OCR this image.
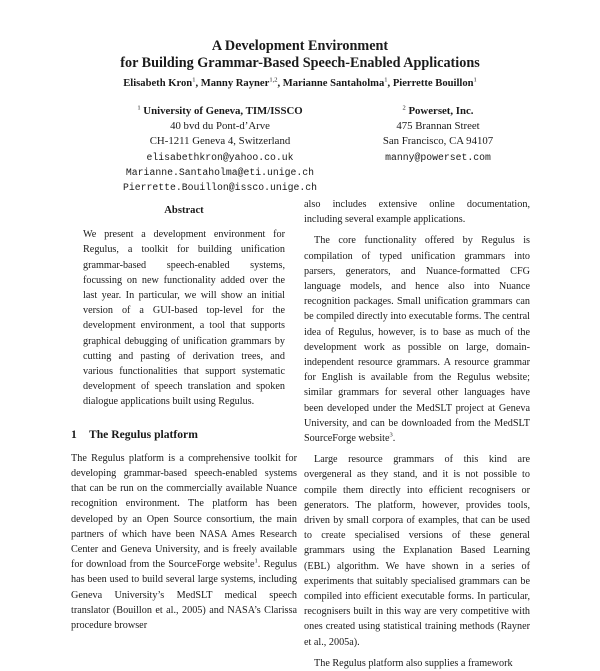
A Development Environment
for Building Grammar-Based Speech-Enabled Applications
Elisabeth Kron$^1$, Manny Rayner$^{1,2}$, Marianne Santaholma$^1$, Pierrette Bouillon$^1$
$^1$ University of Geneva, TIM/ISSCO
40 bvd du Pont-d’Arve
CH-1211 Geneva 4, Switzerland
elisabethkron@yahoo.co.uk
Marianne.Santaholma@eti.unige.ch
Pierrette.Bouillon@issco.unige.ch
$^2$ Powerset, Inc.
475 Brannan Street
San Francisco, CA 94107
manny@powerset.com
Abstract

We present a development environment for Regulus, a toolkit for building unification grammar-based speech-enabled systems, focussing on new functionality added over the last year. In particular, we will show an initial version of a GUI-based top-level for the development environment, a tool that supports graphical debugging of unification grammars by cutting and pasting of derivation trees, and various functionalities that support systematic development of speech translation and spoken dialogue applications built using Regulus.

1 The Regulus platform

The Regulus platform is a comprehensive toolkit for developing grammar-based speech-enabled systems that can be run on the commercially available Nuance recognition environment. The platform has been developed by an Open Source consortium, the main partners of which have been NASA Ames Research Center and Geneva University, and is freely available for download from the SourceForge website$^1$. Regulus has been used to build several large systems, including Geneva University’s MedSLT medical speech translator (Bouillon et al., 2005) and NASA’s Clarissa procedure browser

also includes extensive online documentation, including several example applications.

The core functionality offered by Regulus is compilation of typed unification grammars into parsers, generators, and Nuance-formatted CFG language models, and hence also into Nuance recognition packages. Small unification grammars can be compiled directly into executable forms. The central idea of Regulus, however, is to base as much of the development work as possible on large, domain-independent resource grammars. A resource grammar for English is available from the Regulus website; similar grammars for several other languages have been developed under the MedSLT project at Geneva University, and can be downloaded from the MedSLT SourceForge website$^3$.

Large resource grammars of this kind are overgeneral as they stand, and it is not possible to compile them directly into efficient recognisers or generators. The platform, however, provides tools, driven by small corpora of examples, that can be used to create specialised versions of these general grammars using the Explanation Based Learning (EBL) algorithm. We have shown in a series of experiments that suitably specialised grammars can be compiled into efficient executable forms. In particular, recognisers built in this way are very competitive with ones created using statistical training methods (Rayner et al., 2005a).

The Regulus platform also supplies a framework
